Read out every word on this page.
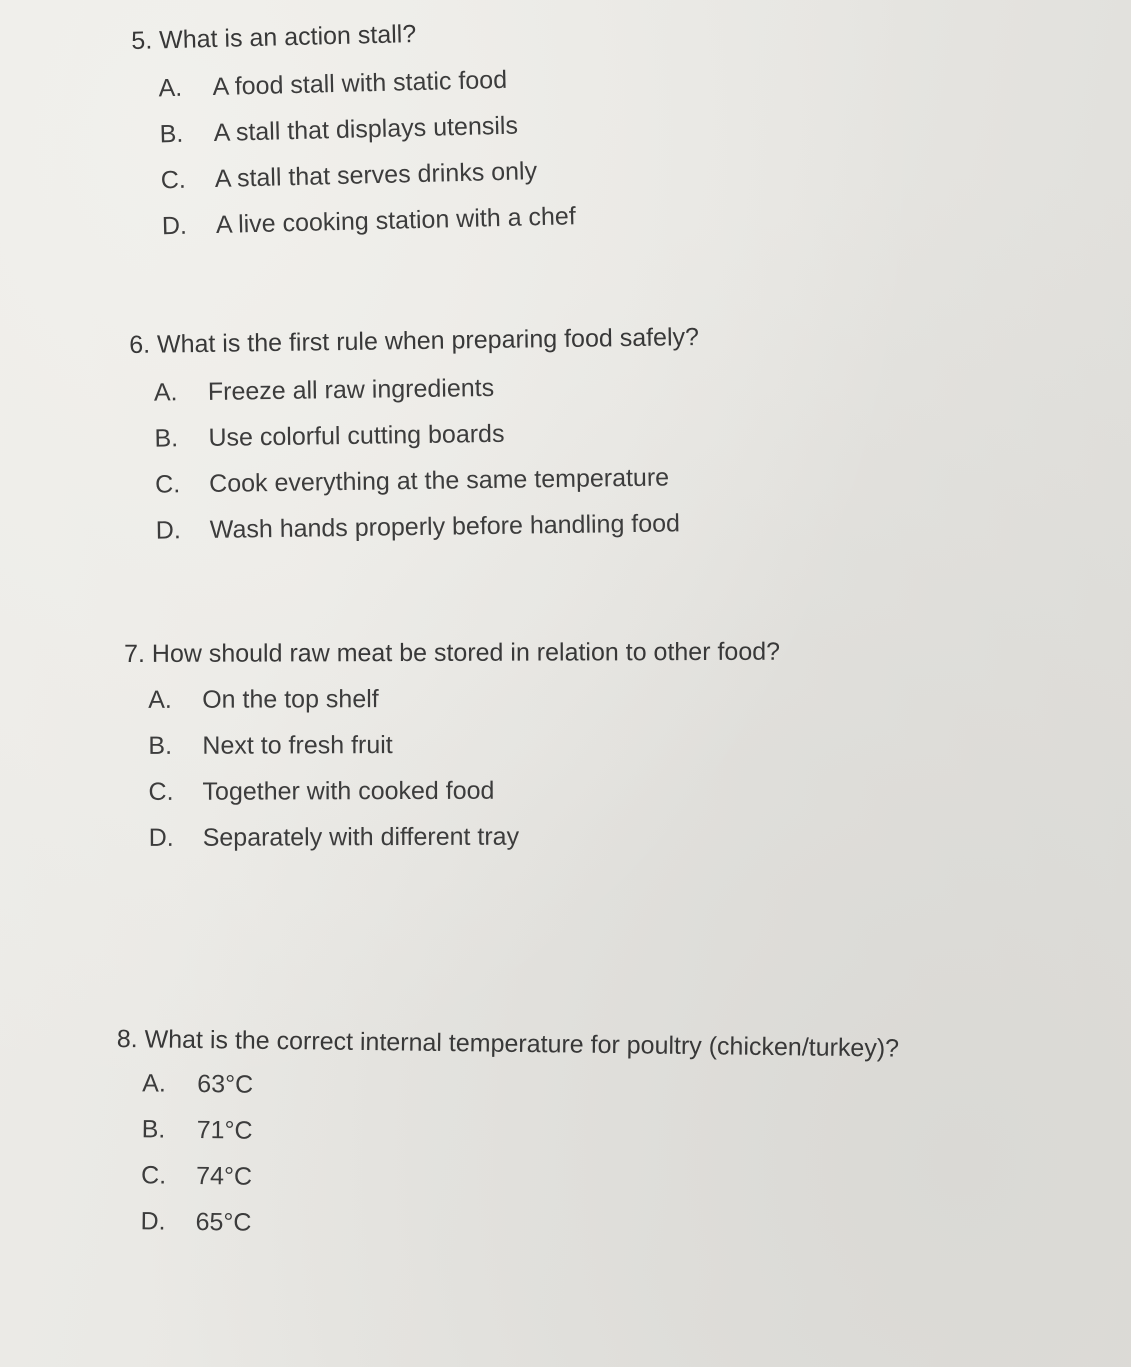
5. What is an action stall?
A.	A food stall with static food
B.	A stall that displays utensils
C.	A stall that serves drinks only
D.	A live cooking station with a chef
6. What is the first rule when preparing food safely?
A.	Freeze all raw ingredients
B.	Use colorful cutting boards
C.	Cook everything at the same temperature
D.	Wash hands properly before handling food
7. How should raw meat be stored in relation to other food?
A.	On the top shelf
B.	Next to fresh fruit
C.	Together with cooked food
D.	Separately with different tray
8. What is the correct internal temperature for poultry (chicken/turkey)?
A.	63°C
B.	71°C
C.	74°C
D.	65°C
